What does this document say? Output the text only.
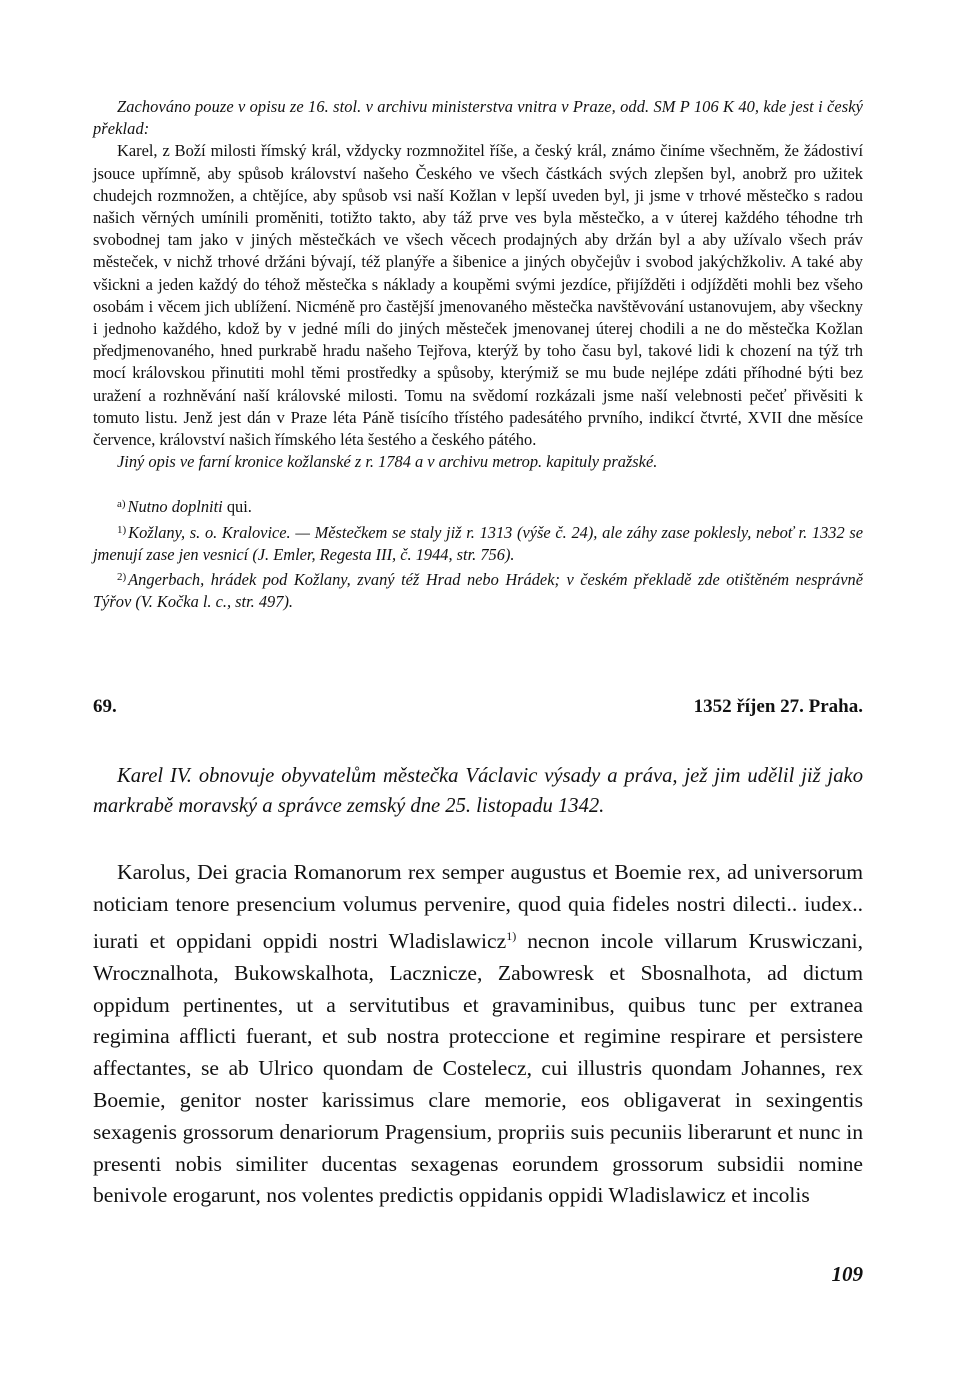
Zachováno pouze v opisu ze 16. stol. v archivu ministerstva vnitra v Praze, odd. SM P 106 K 40, kde jest i český překlad:

Karel, z Boží milosti římský král, vždycky rozmnožitel říše, a český král, známo činíme všechněm, že žádostiví jsouce upřímně, aby spůsob království našeho Českého ve všech částkách svých zlepšen byl, anobrž pro užitek chudejch rozmnožen, a chtějíce, aby spůsob vsi naší Kožlan v lepší uveden byl, ji jsme v trhové městečko s radou našich věrných umínili proměniti, totižto takto, aby táž prve ves byla městečko, a v úterej každého téhodne trh svobodnej tam jako v jiných městečkách ve všech věcech prodajných aby držán byl a aby užívalo všech práv městeček, v nichž trhové držáni bývají, též planýře a šibenice a jiných obyčejův i svobod jakýchžkoliv. A také aby všickni a jeden každý do téhož městečka s náklady a koupěmi svými jezdíce, přijížděti i odjížděti mohli bez všeho osobám i věcem jich ublížení. Nicméně pro častější jmenovaného městečka navštěvování ustanovujem, aby všeckny i jednoho každého, kdož by v jedné míli do jiných městeček jmenovanej úterej chodili a ne do městečka Kožlan předjmenovaného, hned purkrabě hradu našeho Tejřova, kterýž by toho času byl, takové lidi k chození na týž trh mocí královskou přinutiti mohl těmi prostředky a spůsoby, kterýmiž se mu bude nejlépe zdáti příhodné býti bez uražení a rozhněvání naší královské milosti. Tomu na svědomí rozkázali jsme naší velebnosti pečeť přivěsiti k tomuto listu. Jenž jest dán v Praze léta Páně tisícího třístého padesátého prvního, indikcí čtvrté, XVII dne měsíce července, království našich římského léta šestého a českého pátého.

Jiný opis ve farní kronice kožlanské z r. 1784 a v archivu metrop. kapituly pražské.

$^{a)}$ Nutno doplniti qui.

$^{1)}$ Kožlany, s. o. Kralovice. — Městečkem se staly již r. 1313 (výše č. 24), ale záhy zase poklesly, neboť r. 1332 se jmenují zase jen vesnicí (J. Emler, Regesta III, č. 1944, str. 756).

$^{2)}$ Angerbach, hrádek pod Kožlany, zvaný též Hrad nebo Hrádek; v českém překladě zde otištěném nesprávně Týřov (V. Kočka l. c., str. 497).

69.	1352 říjen 27. Praha.

Karel IV. obnovuje obyvatelům městečka Václavic výsady a práva, jež jim udělil již jako markrabě moravský a správce zemský dne 25. listopadu 1342.

Karolus, Dei gracia Romanorum rex semper augustus et Boemie rex, ad universorum noticiam tenore presencium volumus pervenire, quod quia fideles nostri dilecti.. iudex.. iurati et oppidani oppidi nostri Wladislawicz$^{1)}$ necnon incole villarum Kruswiczani, Wrocznalhota, Bukowskalhota, Lacznicze, Zabowresk et Sbosnalhota, ad dictum oppidum pertinentes, ut a servitutibus et gravaminibus, quibus tunc per extranea regimina afflicti fuerant, et sub nostra proteccione et regimine respirare et persistere affectantes, se ab Ulrico quondam de Costelecz, cui illustris quondam Johannes, rex Boemie, genitor noster karissimus clare memorie, eos obligaverat in sexingentis sexagenis grossorum denariorum Pragensium, propriis suis pecuniis liberarunt et nunc in presenti nobis similiter ducentas sexagenas eorundem grossorum subsidii nomine benivole erogarunt, nos volentes predictis oppidanis oppidi Wladislawicz et incolis

109
